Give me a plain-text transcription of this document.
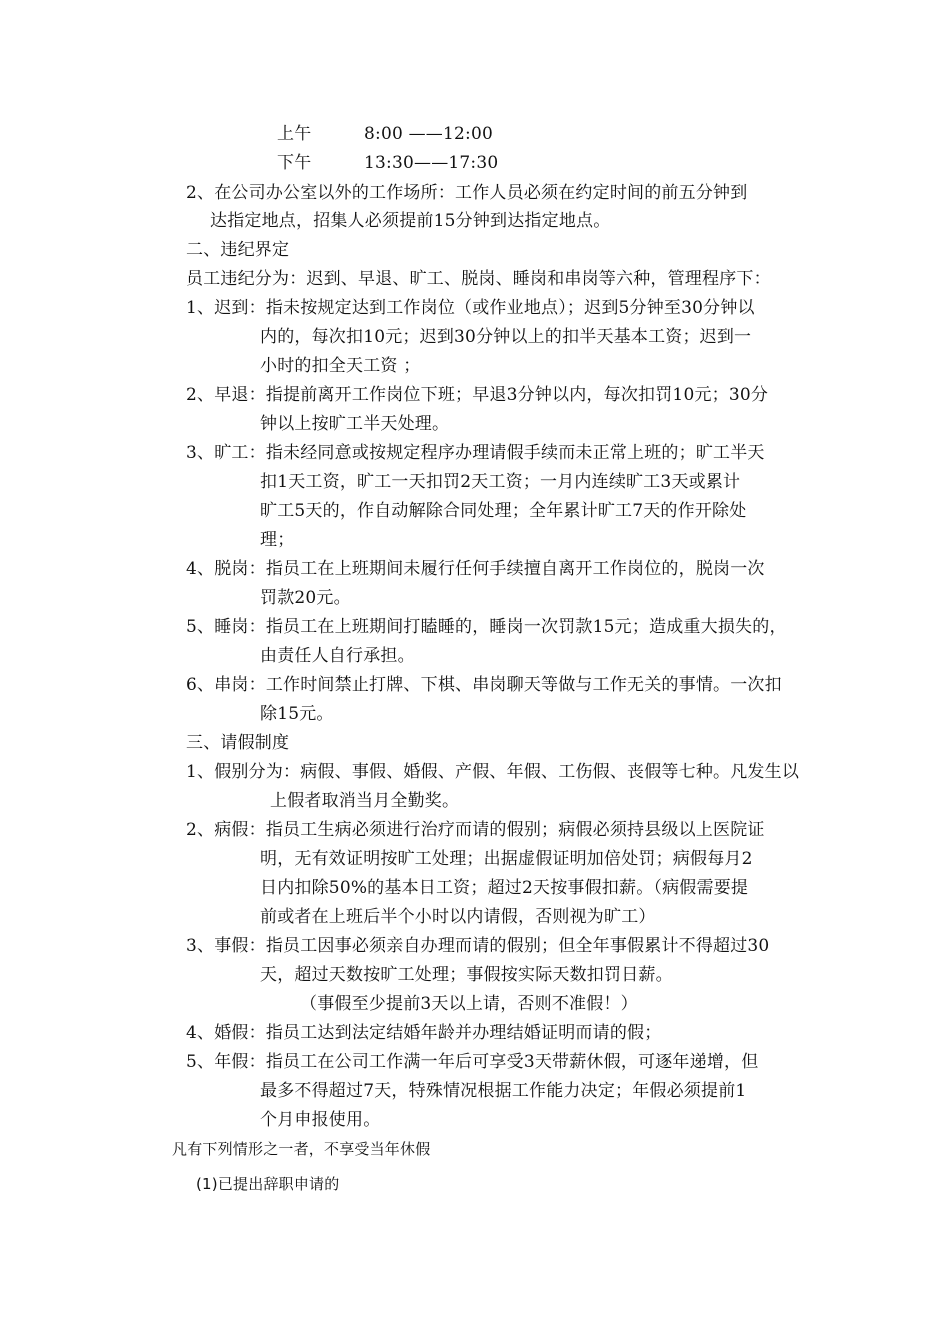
上午	8:00 ——12:00
下午	13:30——17:30
2、在公司办公室以外的工作场所：工作人员必须在约定时间的前五分钟到
达指定地点，招集人必须提前15分钟到达指定地点。
二、违纪界定
员工违纪分为：迟到、早退、旷工、脱岗、睡岗和串岗等六种，管理程序下：
1、迟到：指未按规定达到工作岗位（或作业地点）；迟到5分钟至30分钟以
内的，每次扣10元；迟到30分钟以上的扣半天基本工资；迟到一
小时的扣全天工资 ；
2、早退：指提前离开工作岗位下班；早退3分钟以内，每次扣罚10元；30分
钟以上按旷工半天处理。
3、旷工：指未经同意或按规定程序办理请假手续而未正常上班的；旷工半天
扣1天工资，旷工一天扣罚2天工资；一月内连续旷工3天或累计
旷工5天的，作自动解除合同处理；全年累计旷工7天的作开除处
理；
4、脱岗：指员工在上班期间未履行任何手续擅自离开工作岗位的，脱岗一次
罚款20元。
5、睡岗：指员工在上班期间打瞌睡的，睡岗一次罚款15元；造成重大损失的，
由责任人自行承担。
6、串岗：工作时间禁止打牌、下棋、串岗聊天等做与工作无关的事情。一次扣
除15元。
三、请假制度
1、假别分为：病假、事假、婚假、产假、年假、工伤假、丧假等七种。凡发生以
上假者取消当月全勤奖。
2、病假：指员工生病必须进行治疗而请的假别；病假必须持县级以上医院证
明，无有效证明按旷工处理；出据虚假证明加倍处罚；病假每月2
日内扣除50%的基本日工资；超过2天按事假扣薪。（病假需要提
前或者在上班后半个小时以内请假，否则视为旷工）
3、事假：指员工因事必须亲自办理而请的假别；但全年事假累计不得超过30
天，超过天数按旷工处理；事假按实际天数扣罚日薪。
（事假至少提前3天以上请，否则不准假！）
4、婚假：指员工达到法定结婚年龄并办理结婚证明而请的假；
5、年假：指员工在公司工作满一年后可享受3天带薪休假，可逐年递增，但
最多不得超过7天，特殊情况根据工作能力决定；年假必须提前1
个月申报使用。
凡有下列情形之一者，不享受当年休假
(1)已提出辞职申请的
